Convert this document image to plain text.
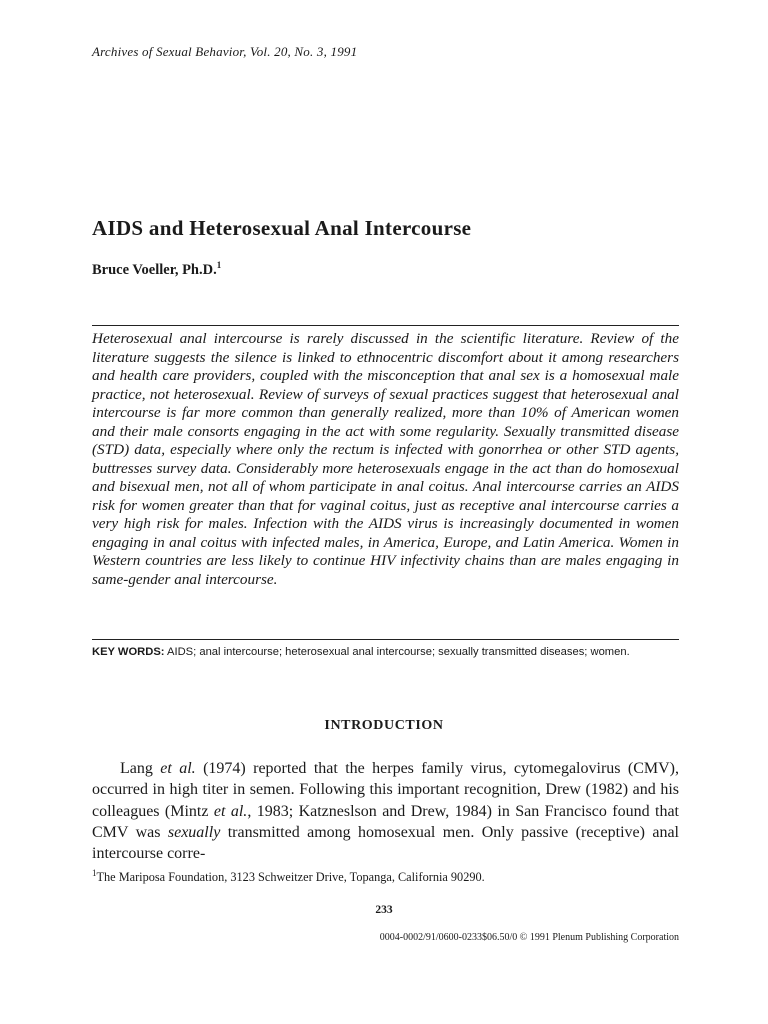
Archives of Sexual Behavior, Vol. 20, No. 3, 1991
AIDS and Heterosexual Anal Intercourse
Bruce Voeller, Ph.D.$^1$

Heterosexual anal intercourse is rarely discussed in the scientific literature. Review of the literature suggests the silence is linked to ethnocentric discomfort about it among researchers and health care providers, coupled with the misconception that anal sex is a homosexual male practice, not heterosexual. Review of surveys of sexual practices suggest that heterosexual anal intercourse is far more common than generally realized, more than 10% of American women and their male consorts engaging in the act with some regularity. Sexually transmitted disease (STD) data, especially where only the rectum is infected with gonorrhea or other STD agents, buttresses survey data. Considerably more heterosexuals engage in the act than do homosexual and bisexual men, not all of whom participate in anal coitus. Anal intercourse carries an AIDS risk for women greater than that for vaginal coitus, just as receptive anal intercourse carries a very high risk for males. Infection with the AIDS virus is increasingly documented in women engaging in anal coitus with infected males, in America, Europe, and Latin America. Women in Western countries are less likely to continue HIV infectivity chains than are males engaging in same-gender anal intercourse.

KEY WORDS: AIDS; anal intercourse; heterosexual anal intercourse; sexually transmitted diseases; women.

INTRODUCTION

Lang et al. (1974) reported that the herpes family virus, cytomegalovirus (CMV), occurred in high titer in semen. Following this important recognition, Drew (1982) and his colleagues (Mintz et al., 1983; Katzneslson and Drew, 1984) in San Francisco found that CMV was sexually transmitted among homosexual men. Only passive (receptive) anal intercourse corre-

$^1$The Mariposa Foundation, 3123 Schweitzer Drive, Topanga, California 90290.
233
0004-0002/91/0600-0233$06.50/0 © 1991 Plenum Publishing Corporation
